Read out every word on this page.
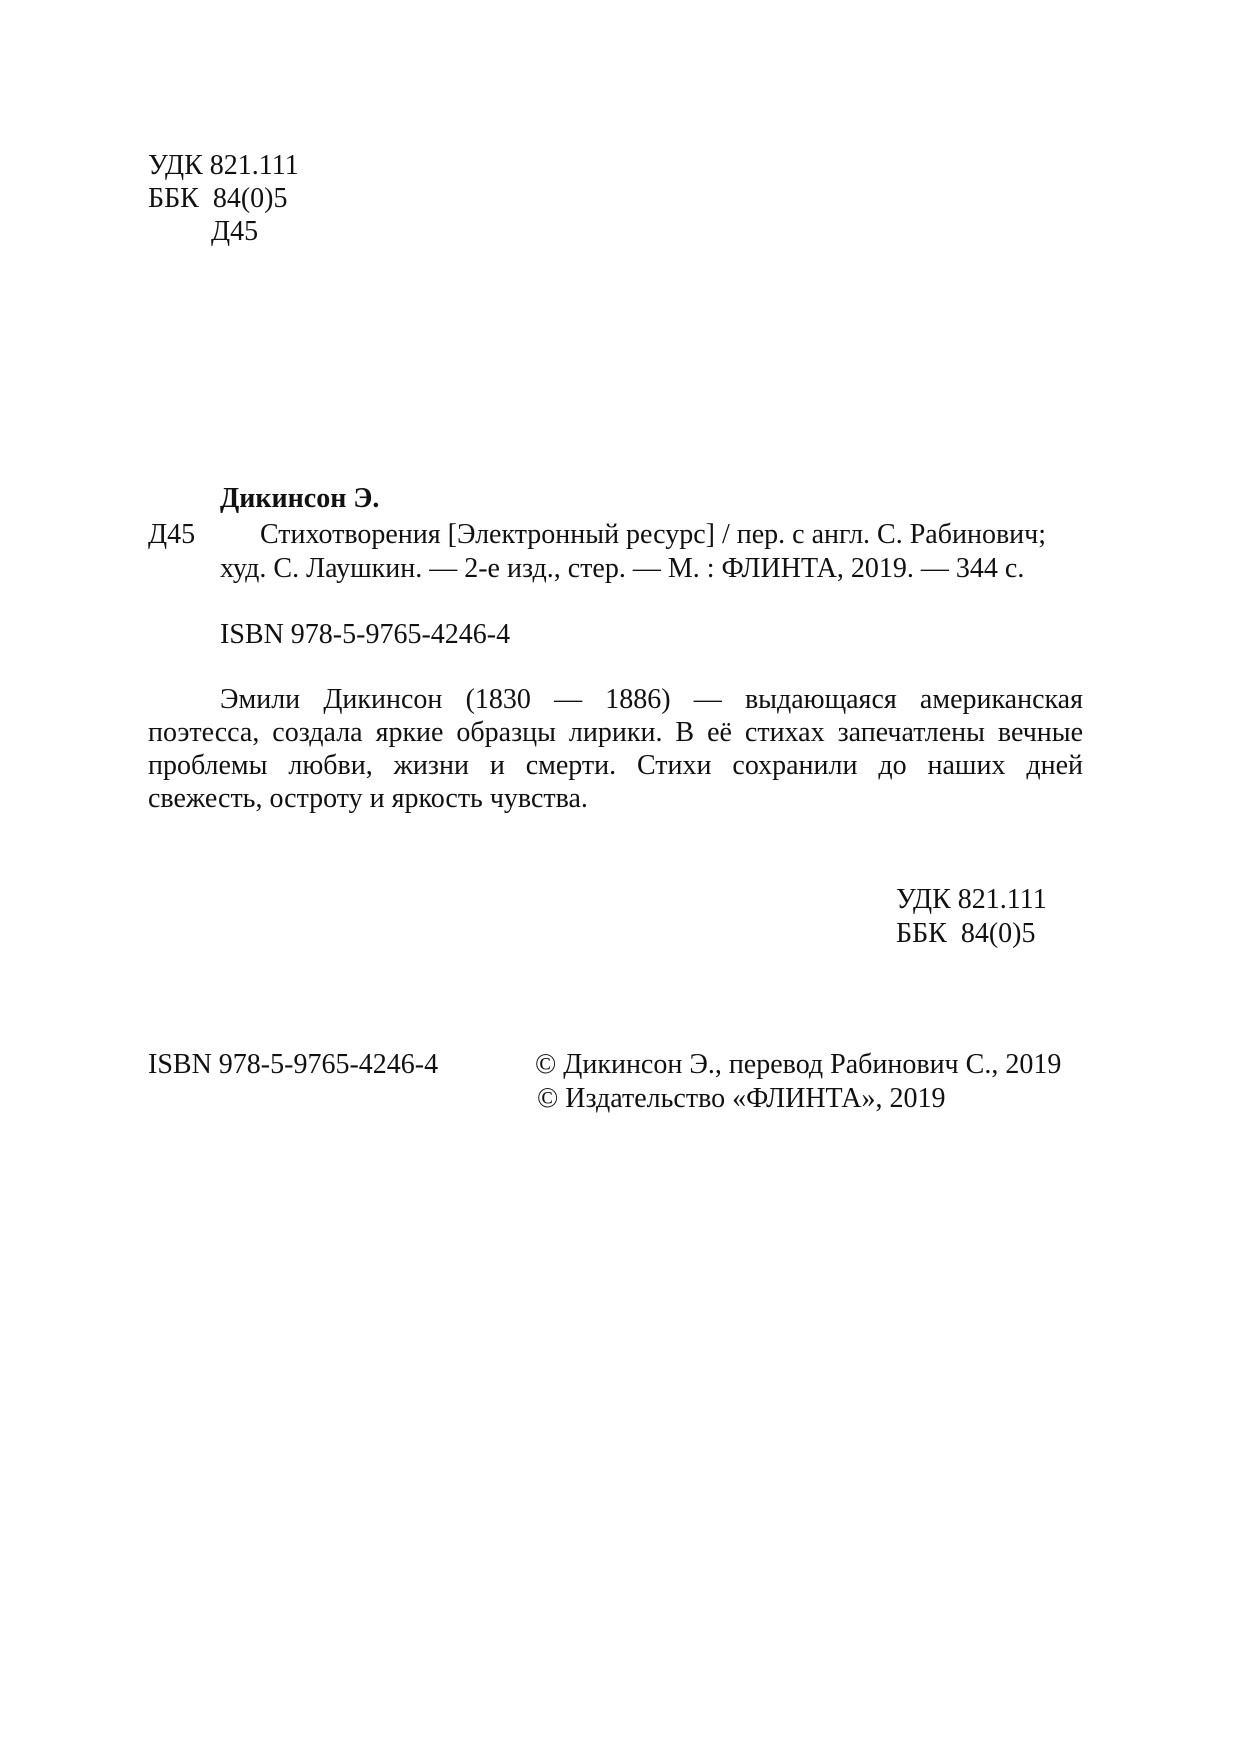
УДК 821.111
ББК  84(0)5
Д45
Дикинсон Э.
Д45 Стихотворения [Электронный ресурс] / пер. с англ. С. Рабинович;
худ. С. Лаушкин. — 2-е изд., стер. — М. : ФЛИНТА, 2019. — 344 с.
ISBN 978-5-9765-4246-4
Эмили Дикинсон (1830 — 1886) — выдающаяся американская
поэтесса, создала яркие образцы лирики. В её стихах запечатлены вечные
проблемы любви, жизни и смерти. Стихи сохранили до наших дней
свежесть, остроту и яркость чувства.
УДК 821.111
ББК  84(0)5
ISBN 978-5-9765-4246-4	© Дикинсон Э., перевод Рабинович С., 2019
© Издательство «ФЛИНТА», 2019
